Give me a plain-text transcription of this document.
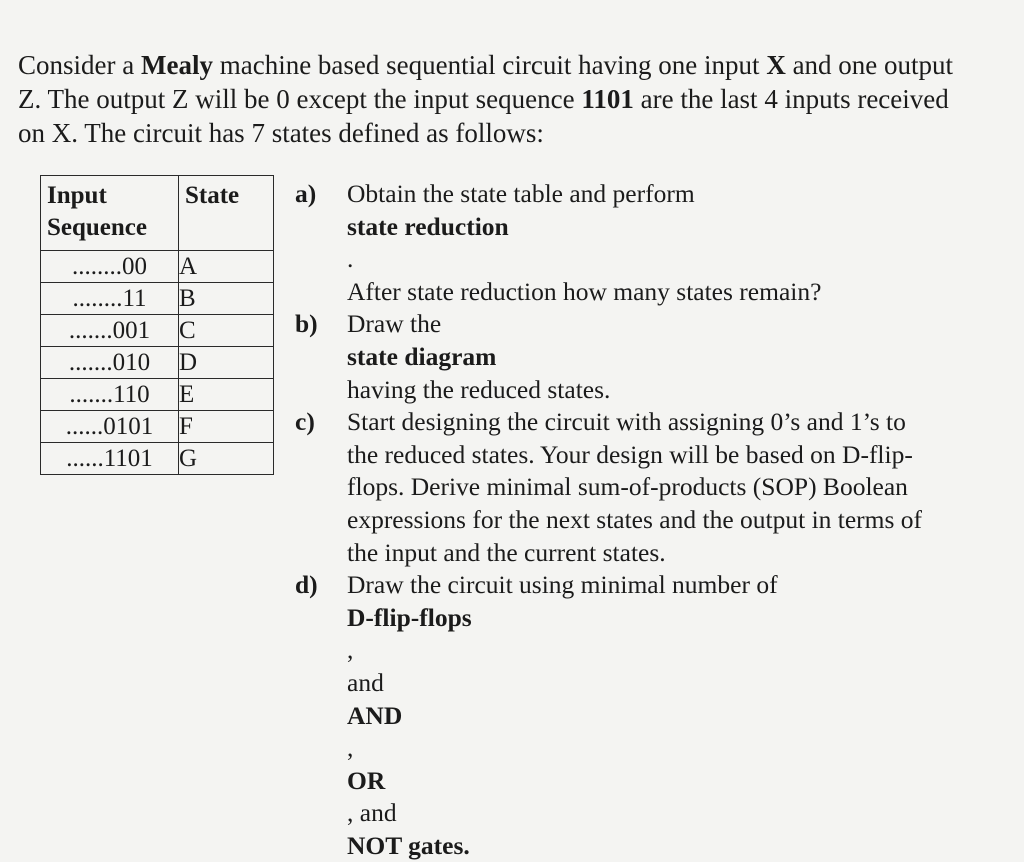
Consider a Mealy machine based sequential circuit having one input X and one output

Z. The output Z will be 0 except the input sequence 1101 are the last 4 inputs received

on X. The circuit has 7 states defined as follows:

Input
Sequence	State
........00	A
........11	B
.......001	C
.......010	D
.......110	E
......0101	F
......1101	G
a)	Obtain the state table and perform
state reduction
.
After state reduction how many states remain?
b)	Draw the
state diagram
having the reduced states.
c)	Start designing the circuit with assigning 0’s and 1’s to
the reduced states. Your design will be based on D-flip-
flops. Derive minimal sum-of-products (SOP) Boolean
expressions for the next states and the output in terms of
the input and the current states.
d)	Draw the circuit using minimal number of
D-flip-flops
,
and
AND
,
OR
, and
NOT gates.
